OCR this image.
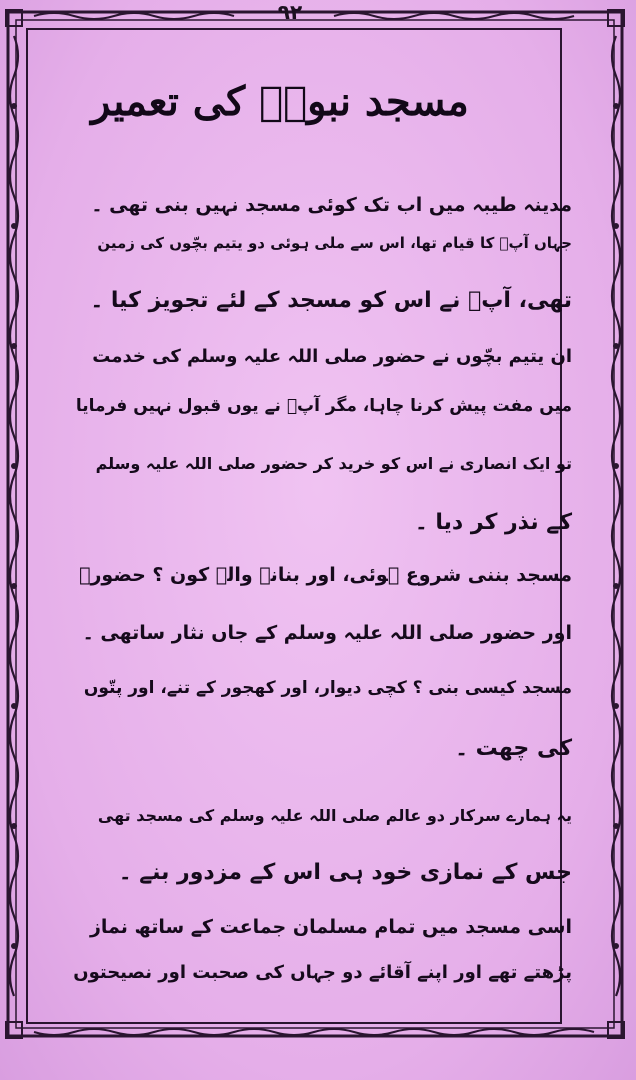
۹۲
مسجد نبویؐ کی تعمیر
مدینہ طیبہ میں اب تک کوئی مسجد نہیں بنی تھی ۔
جہاں آپؐ کا قیام تھا، اس سے ملی ہوئی دو یتیم بچّوں کی زمین
تھی، آپؐ نے اس کو مسجد کے لئے تجویز کیا ۔
ان یتیم بچّوں نے حضور صلی اللہ علیہ وسلم کی خدمت
میں مفت پیش کرنا چاہا، مگر آپؐ نے یوں قبول نہیں فرمایا
تو ایک انصاری نے اس کو خرید کر حضور صلی اللہ علیہ وسلم
کے نذر کر دیا ۔
مسجد بننی شروع ہوئی، اور بنانے والے کون ؟ حضورؐ
اور حضور صلی اللہ علیہ وسلم کے جاں نثار ساتھی ۔
مسجد کیسی بنی ؟ کچی دیوار، اور کھجور کے تنے، اور پتّوں
کی چھت ۔
یہ ہمارے سرکار دو عالم صلی اللہ علیہ وسلم کی مسجد تھی
جس کے نمازی خود ہی اس کے مزدور بنے ۔
اسی مسجد میں تمام مسلمان جماعت کے ساتھ نماز
پڑھتے تھے اور اپنے آقائے دو جہاں کی صحبت اور نصیحتوں
